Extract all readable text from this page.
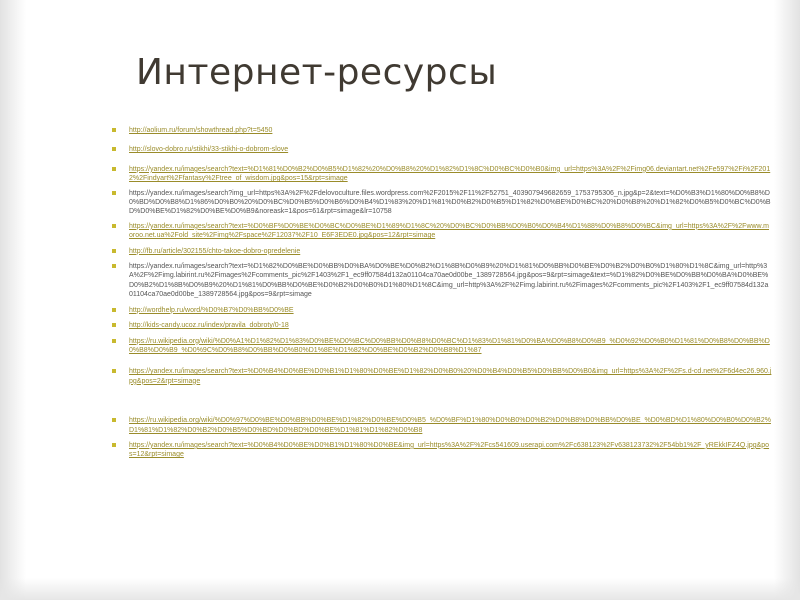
Интернет-ресурсы
http://aolium.ru/forum/showthread.php?t=5450
http://slovo-dobro.ru/stikhi/33-stikhi-o-dobrom-slove
https://yandex.ru/images/search?text=%D1%81%D0%B2%D0%B5%D1%82%20%D0%B8%20%D1%82%D1%8C%D0%BC%D0%B0&img_url=https%3A%2F%2Fimg06.deviantart.net%2Fe597%2Fi%2F2012%2Findyart%2Ffantasy%2Ftree_of_wisdom.jpg&pos=15&rpt=simage
https://yandex.ru/images/search?img_url=https%3A%2F%2Fdelovoculture.files.wordpress.com%2F2015%2F11%2F52751_403907949682659_1753795306_n.jpg&p=2&text=%D0%B3%D1%80%D0%B8%D0%BD%D0%B8%D1%86%D0%B0%20%D0%BC%D0%B5%D0%B6%D0%B4%D1%83%20%D1%81%D0%B2%D0%B5%D1%82%D0%BE%D0%BC%20%D0%B8%20%D1%82%D0%B5%D0%BC%D0%BD%D0%BE%D1%82%D0%BE%D0%B9&noreask=1&pos=61&rpt=simage&lr=10758
https://yandex.ru/images/search?text=%D0%BF%D0%BE%D0%BC%D0%BE%D1%89%D1%8C%20%D0%BC%D0%BB%D0%B0%D0%B4%D1%88%D0%B8%D0%BC&img_url=https%3A%2F%2Fwww.moroo.net.ua%2Fold_site%2Fimg%2Fspace%2F12037%2F10_E6F3EDE0.jpg&pos=12&rpt=simage
http://fb.ru/article/302155/chto-takoe-dobro-opredelenie
https://yandex.ru/images/search?text=%D1%82%D0%BE%D0%BB%D0%BA%D0%BE%D0%B2%D1%8B%D0%B9%20%D1%81%D0%BB%D0%BE%D0%B2%D0%B0%D1%80%D1%8C&img_url=http%3A%2F%2Fimg.labirint.ru%2Fimages%2Fcomments_pic%2F1403%2F1_ec9ff07584d132a01104ca70ae0d00be_1389728564.jpg&pos=9&rpt=simage&text=%D1%82%D0%BE%D0%BB%D0%BA%D0%BE%D0%B2%D1%8B%D0%B9%20%D1%81%D0%BB%D0%BE%D0%B2%D0%B0%D1%80%D1%8C&img_url=http%3A%2F%2Fimg.labirint.ru%2Fimages%2Fcomments_pic%2F1403%2F1_ec9ff07584d132a01104ca70ae0d00be_1389728564.jpg&pos=9&rpt=simage
http://wordhelp.ru/word/%D0%B7%D0%BB%D0%BE
http://kids-candy.ucoz.ru/index/pravila_dobroty/0-18
https://ru.wikipedia.org/wiki/%D0%A1%D1%82%D1%83%D0%BE%D0%BC%D0%BB%D0%B8%D0%BC%D1%83%D1%81%D0%BA%D0%B8%D0%B9_%D0%92%D0%B0%D1%81%D0%B8%D0%BB%D0%B8%D0%B9_%D0%9C%D0%B8%D0%BB%D0%B0%D1%8E%D1%82%D0%BE%D0%B2%D0%B8%D1%87
https://yandex.ru/images/search?text=%D0%B4%D0%BE%D0%B1%D1%80%D0%BE%D1%82%D0%B0%20%D0%B4%D0%B5%D0%BB%D0%B0&img_url=https%3A%2F%2Fs.d-cd.net%2F6d4ec26.960.jpg&pos=2&rpt=simage
https://ru.wikipedia.org/wiki/%D0%97%D0%BE%D0%BB%D0%BE%D1%82%D0%BE%D0%B5_%D0%BF%D1%80%D0%B0%D0%B2%D0%B8%D0%BB%D0%BE_%D0%BD%D1%80%D0%B0%D0%B2%D1%81%D1%82%D0%B2%D0%B5%D0%BD%D0%BD%D0%BE%D1%81%D1%82%D0%B8
https://yandex.ru/images/search?text=%D0%B4%D0%BE%D0%B1%D1%80%D0%BE&img_url=https%3A%2F%2Fcs541609.userapi.com%2Fc638123%2Fv638123732%2F54bb1%2F_yREkkIFZ4Q.jpg&pos=12&rpt=simage
